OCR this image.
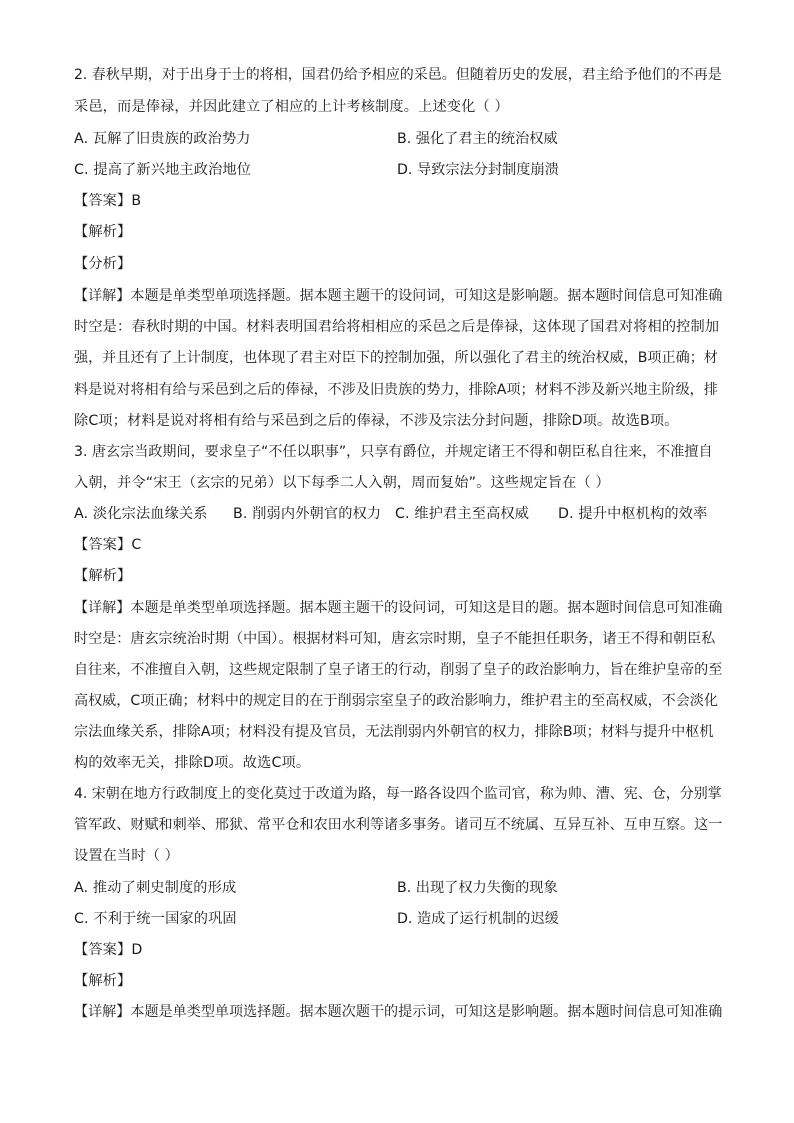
2. 春秋早期，对于出身于士的将相，国君仍给予相应的采邑。但随着历史的发展，君主给予他们的不再是
采邑，而是俸禄，并因此建立了相应的上计考核制度。上述变化（ ）
A. 瓦解了旧贵族的政治势力	B. 强化了君主的统治权威
C. 提高了新兴地主政治地位	D. 导致宗法分封制度崩溃
【答案】B
【解析】
【分析】
【详解】本题是单类型单项选择题。据本题主题干的设问词，可知这是影响题。据本题时间信息可知准确
时空是：春秋时期的中国。材料表明国君给将相相应的采邑之后是俸禄，这体现了国君对将相的控制加
强，并且还有了上计制度，也体现了君主对臣下的控制加强，所以强化了君主的统治权威，B项正确；材
料是说对将相有给与采邑到之后的俸禄，不涉及旧贵族的势力，排除A项；材料不涉及新兴地主阶级，排
除C项；材料是说对将相有给与采邑到之后的俸禄，不涉及宗法分封问题，排除D项。故选B项。
3. 唐玄宗当政期间，要求皇子“不任以职事”，只享有爵位，并规定诸王不得和朝臣私自往来，不准擅自
入朝，并令“宋王（玄宗的兄弟）以下每季二人入朝，周而复始”。这些规定旨在（ ）
A. 淡化宗法血缘关系 B. 削弱内外朝官的权力 C. 维护君主至高权威 D. 提升中枢机构的效率
【答案】C
【解析】
【详解】本题是单类型单项选择题。据本题主题干的设问词，可知这是目的题。据本题时间信息可知准确
时空是：唐玄宗统治时期（中国）。根据材料可知，唐玄宗时期，皇子不能担任职务，诸王不得和朝臣私
自往来，不准擅自入朝，这些规定限制了皇子诸王的行动，削弱了皇子的政治影响力，旨在维护皇帝的至
高权威，C项正确；材料中的规定目的在于削弱宗室皇子的政治影响力，维护君主的至高权威，不会淡化
宗法血缘关系，排除A项；材料没有提及官员，无法削弱内外朝官的权力，排除B项；材料与提升中枢机
构的效率无关，排除D项。故选C项。
4. 宋朝在地方行政制度上的变化莫过于改道为路，每一路各设四个监司官，称为帅、漕、宪、仓，分别掌
管军政、财赋和刺举、邢狱、常平仓和农田水利等诸多事务。诸司互不统属、互异互补、互申互察。这一
设置在当时（ ）
A. 推动了刺史制度的形成	B. 出现了权力失衡的现象
C. 不利于统一国家的巩固	D. 造成了运行机制的迟缓
【答案】D
【解析】
【详解】本题是单类型单项选择题。据本题次题干的提示词，可知这是影响题。据本题时间信息可知准确
